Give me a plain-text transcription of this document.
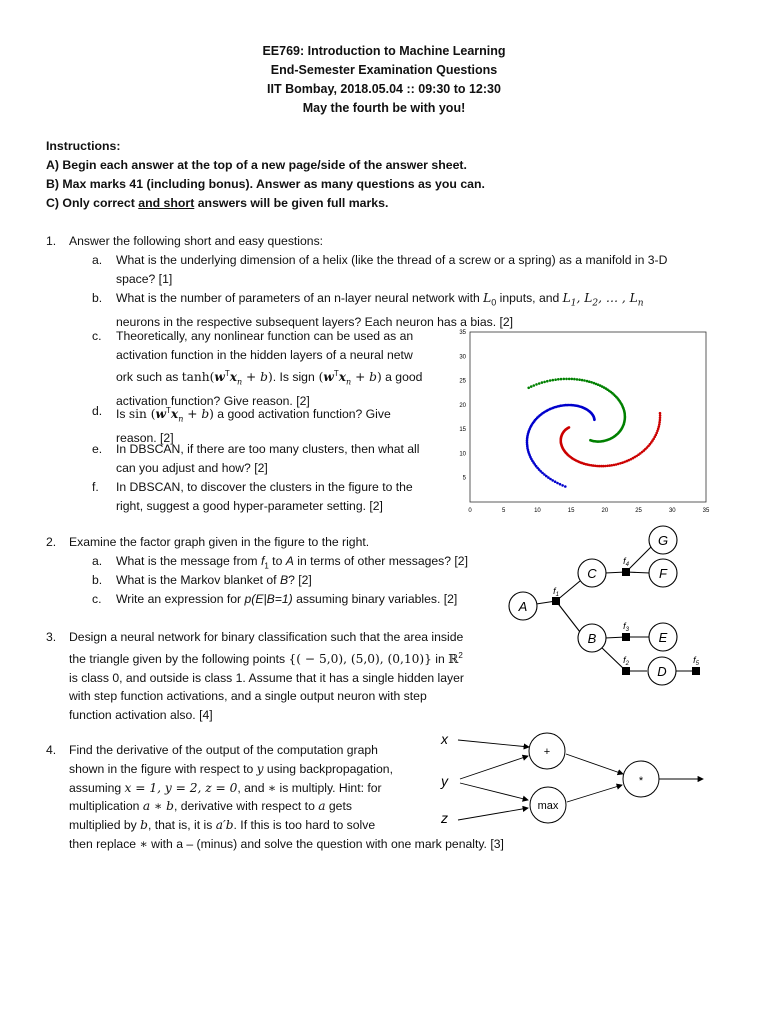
EE769: Introduction to Machine Learning
End-Semester Examination Questions
IIT Bombay, 2018.05.04 :: 09:30 to 12:30
May the fourth be with you!
Instructions:
A) Begin each answer at the top of a new page/side of the answer sheet.
B) Max marks 41 (including bonus). Answer as many questions as you can.
C) Only correct and short answers will be given full marks.
1. Answer the following short and easy questions:
a. What is the underlying dimension of a helix (like the thread of a screw or a spring) as a manifold in 3-D
space? [1]
b. What is the number of parameters of an n-layer neural network with $L_0$ inputs, and $L_1$, $L_2$, … , $L_n$
neurons in the respective subsequent layers? Each neuron has a bias. [2]
c. Theoretically, any nonlinear function can be used as an
activation function in the hidden layers of a neural netw
ork such as $\tanh(w^Tx_n + b)$. Is sign $(w^Tx_n + b)$ a good
activation function? Give reason. [2]
d. Is $\sin (w^Tx_n + b)$ a good activation function? Give
reason. [2]
e. In DBSCAN, if there are too many clusters, then what all
can you adjust and how? [2]
f. In DBSCAN, to discover the clusters in the figure to the
right, suggest a good hyper-parameter setting. [2]	0	5	10	15	20	25	30	35
5
10
15
20
25
30
35
2. Examine the factor graph given in the figure to the right.
a. What is the message from $f_1$ to A in terms of other messages? [2]
b. What is the Markov blanket of B? [2]
c. Write an expression for p(E|B=1) assuming binary variables. [2]	A
C
B
D
E
F
G
$f_1$
$f_4$
$f_3$
$f_2$	$f_5$
3. Design a neural network for binary classification such that the area inside
the triangle given by the following points {( − 5,0), (5,0), (0,10)} in ℝ$^2$
is class 0, and outside is class 1. Assume that it has a single hidden layer
with step function activations, and a single output neuron with step
function activation also. [4]
+
max
*
x
y
z
4. Find the derivative of the output of the computation graph
shown in the figure with respect to y using backpropagation,
assuming x = 1, y = 2, z = 0, and ∗ is multiply. Hint: for
multiplication a ∗ b, derivative with respect to a gets
multiplied by b, that is, it is a′b. If this is too hard to solve
then replace ∗ with a – (minus) and solve the question with one mark penalty. [3]
